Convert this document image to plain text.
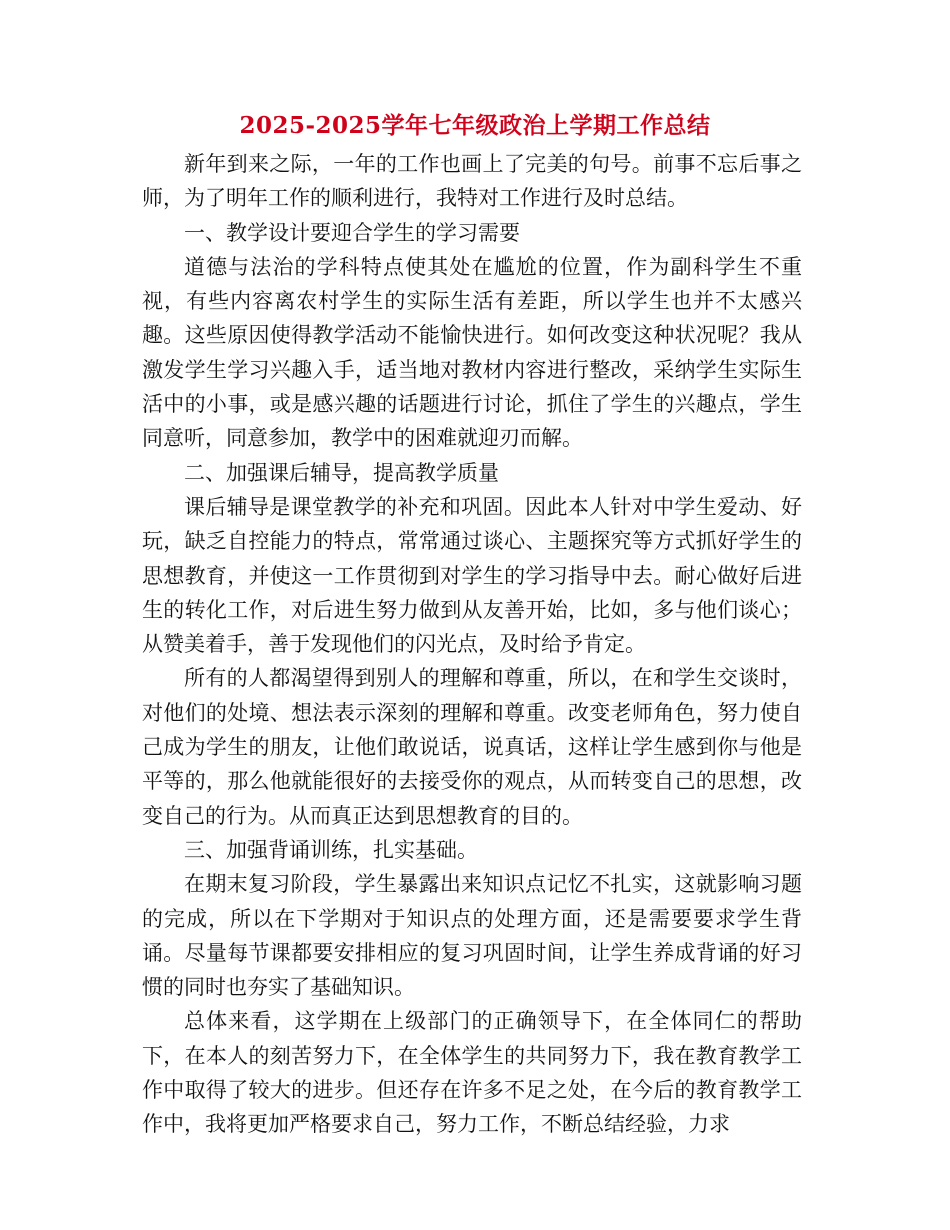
2025-2025学年七年级政治上学期工作总结

新年到来之际，一年的工作也画上了完美的句号。前事不忘后事之师，为了明年工作的顺利进行，我特对工作进行及时总结。

一、教学设计要迎合学生的学习需要

道德与法治的学科特点使其处在尴尬的位置，作为副科学生不重视，有些内容离农村学生的实际生活有差距，所以学生也并不太感兴趣。这些原因使得教学活动不能愉快进行。如何改变这种状况呢？我从激发学生学习兴趣入手，适当地对教材内容进行整改，采纳学生实际生活中的小事，或是感兴趣的话题进行讨论，抓住了学生的兴趣点，学生同意听，同意参加，教学中的困难就迎刃而解。

二、加强课后辅导，提高教学质量

课后辅导是课堂教学的补充和巩固。因此本人针对中学生爱动、好玩，缺乏自控能力的特点，常常通过谈心、主题探究等方式抓好学生的思想教育，并使这一工作贯彻到对学生的学习指导中去。耐心做好后进生的转化工作，对后进生努力做到从友善开始，比如，多与他们谈心；从赞美着手，善于发现他们的闪光点，及时给予肯定。

所有的人都渴望得到别人的理解和尊重，所以，在和学生交谈时，对他们的处境、想法表示深刻的理解和尊重。改变老师角色，努力使自己成为学生的朋友，让他们敢说话，说真话，这样让学生感到你与他是平等的，那么他就能很好的去接受你的观点，从而转变自己的思想，改变自己的行为。从而真正达到思想教育的目的。

三、加强背诵训练，扎实基础。

在期末复习阶段，学生暴露出来知识点记忆不扎实，这就影响习题的完成，所以在下学期对于知识点的处理方面，还是需要要求学生背诵。尽量每节课都要安排相应的复习巩固时间，让学生养成背诵的好习惯的同时也夯实了基础知识。

总体来看，这学期在上级部门的正确领导下，在全体同仁的帮助下，在本人的刻苦努力下，在全体学生的共同努力下，我在教育教学工作中取得了较大的进步。但还存在许多不足之处，在今后的教育教学工作中，我将更加严格要求自己，努力工作，不断总结经验，力求
